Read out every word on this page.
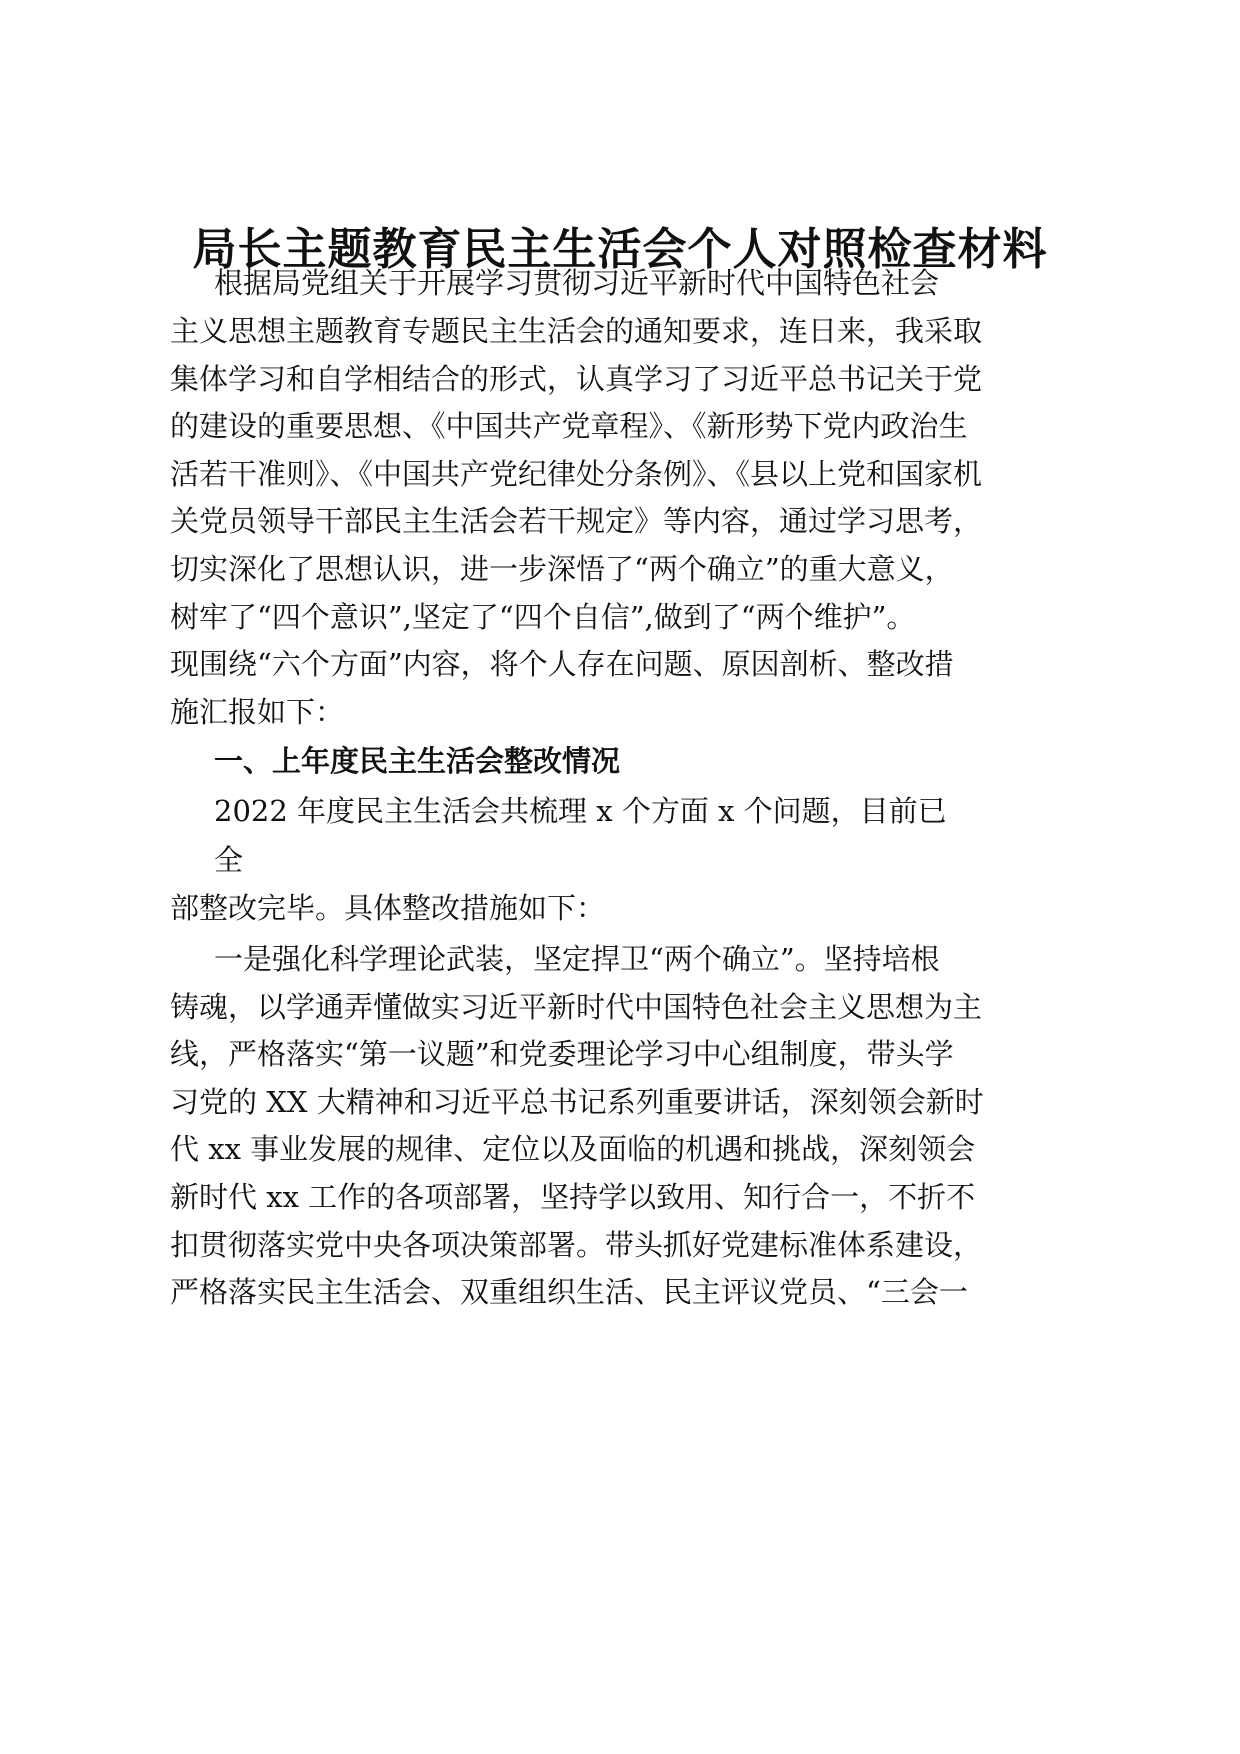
局长主题教育民主生活会个人对照检查材料
根据局党组关于开展学习贯彻习近平新时代中国特色社会
主义思想主题教育专题民主生活会的通知要求，连日来，我采取
集体学习和自学相结合的形式，认真学习了习近平总书记关于党
的建设的重要思想、《中国共产党章程》、《新形势下党内政治生
活若干准则》、《中国共产党纪律处分条例》、《县以上党和国家机
关党员领导干部民主生活会若干规定》等内容，通过学习思考，
切实深化了思想认识，进一步深悟了“两个确立”的重大意义，
树牢了“四个意识”,坚定了“四个自信”,做到了“两个维护”。
现围绕“六个方面”内容，将个人存在问题、原因剖析、整改措
施汇报如下：
一、上年度民主生活会整改情况
2022 年度民主生活会共梳理 x 个方面 x 个问题，目前已
全
部整改完毕。具体整改措施如下：
一是强化科学理论武装，坚定捍卫“两个确立”。坚持培根
铸魂，以学通弄懂做实习近平新时代中国特色社会主义思想为主
线，严格落实“第一议题”和党委理论学习中心组制度，带头学
习党的 XX 大精神和习近平总书记系列重要讲话，深刻领会新时
代 xx 事业发展的规律、定位以及面临的机遇和挑战，深刻领会
新时代 xx 工作的各项部署，坚持学以致用、知行合一，不折不
扣贯彻落实党中央各项决策部署。带头抓好党建标准体系建设，
严格落实民主生活会、双重组织生活、民主评议党员、“三会一
